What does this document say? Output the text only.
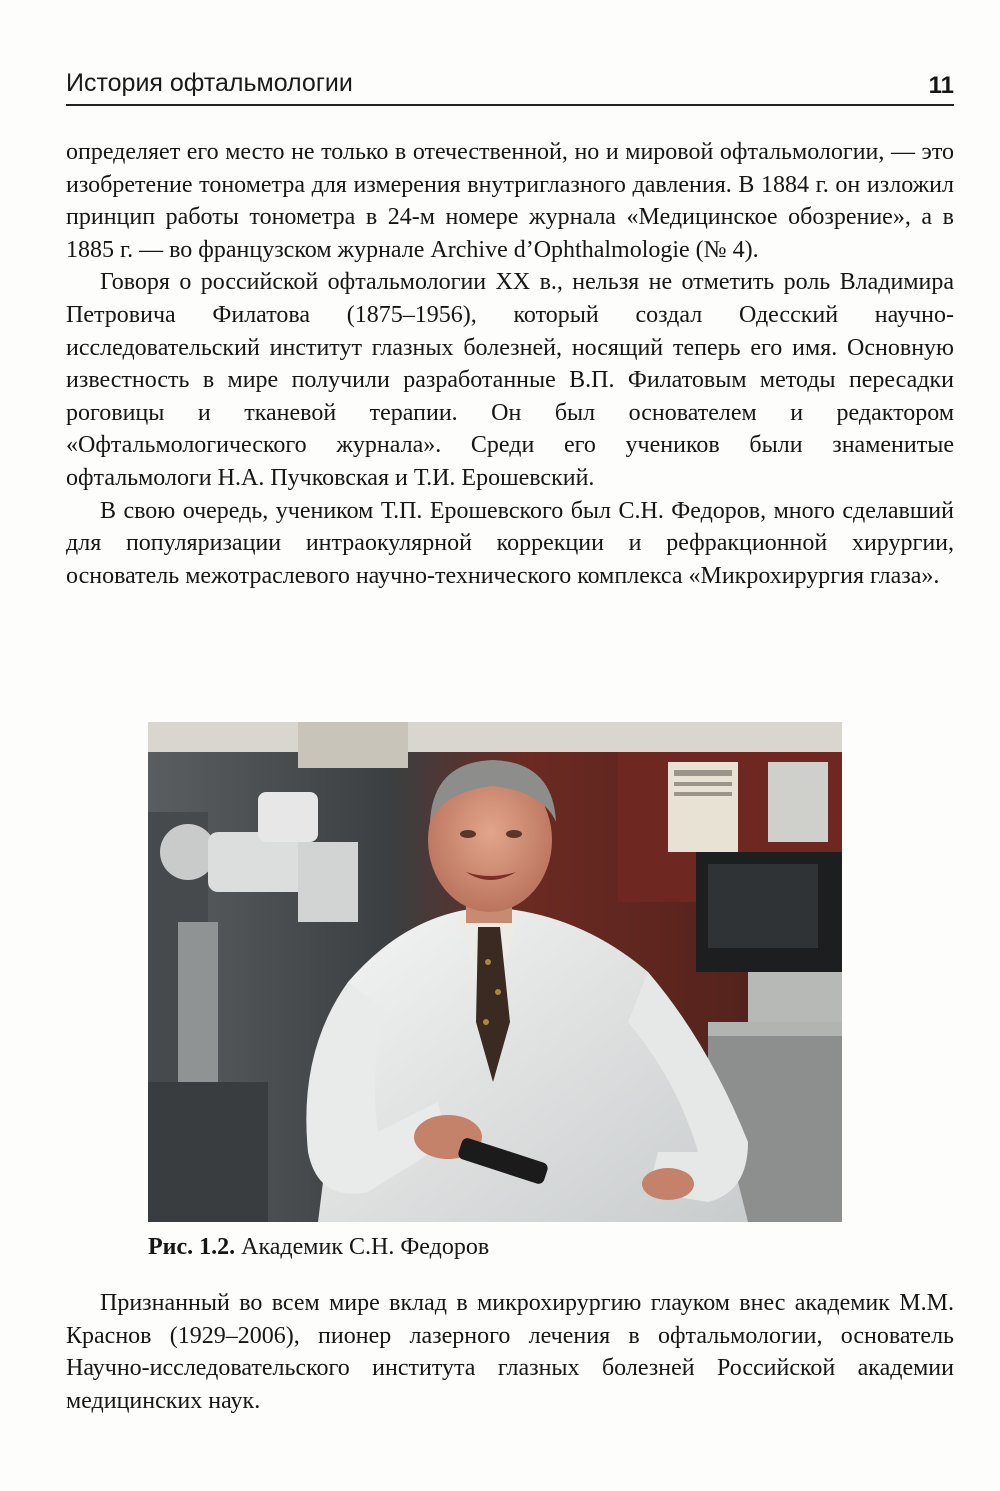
История офтальмологии	11

определяет его место не только в отечественной, но и мировой офтальмологии, — это изобретение тонометра для измерения внутриглазного давления. В 1884 г. он изложил принцип работы тонометра в 24-м номере журнала «Медицинское обозрение», а в 1885 г. — во французском журнале Archive d’Ophthalmologie (№ 4).

Говоря о российской офтальмологии XX в., нельзя не отметить роль Владимира Петровича Филатова (1875–1956), который создал Одесский научно-исследовательский институт глазных болезней, носящий теперь его имя. Основную известность в мире получили разработанные В.П. Филатовым методы пересадки роговицы и тканевой терапии. Он был основателем и редактором «Офтальмологического журнала». Среди его учеников были знаменитые офтальмологи Н.А. Пучковская и Т.И. Ерошевский.

В свою очередь, учеником Т.П. Ерошевского был С.Н. Федоров, много сделавший для популяризации интраокулярной коррекции и рефракционной хирургии, основатель межотраслевого научно-технического комплекса «Микрохирургия глаза».

Рис. 1.2. Академик С.Н. Федоров

Признанный во всем мире вклад в микрохирургию глауком внес академик М.М. Краснов (1929–2006), пионер лазерного лечения в офтальмологии, основатель Научно-исследовательского института глазных болезней Российской академии медицинских наук.
